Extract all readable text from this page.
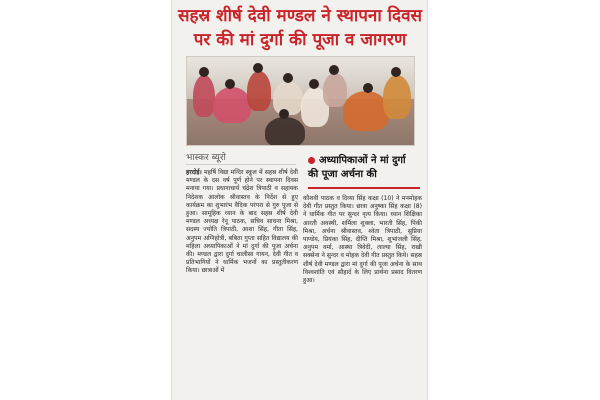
सहस्र शीर्ष देवी मण्डल ने स्थापना दिवस
पर की मां दुर्गा की पूजा व जागरण
भास्कर ब्यूरो	अध्यापिकाओं ने मां दुर्गा
की पूजा अर्चना की
हरदोई। महर्षि विद्या मन्दिर स्कूल में सहस्र शीर्ष देवी मण्डल के दस वर्ष पूर्ण होने पर स्थापना दिवस मनाया गया। प्रधानाचार्य चंद्रेश त्रिपाठी व सहायक निदेशक आलोक श्रीवास्तव के निर्देश से हुए कार्यक्रम का शुभारंभ वैदिक परंपरा से गुरु पूजा से हुआ। सामूहिक ध्यान के बाद सहस्र शीर्ष देवी मण्डल अध्यक्ष रेनू पाठक, सचिव साधना मिश्रा, सदस्य ज्योति त्रिपाठी, आशा सिंह, गीता सिंह, अनुपम अग्निहोत्री, बबिता गुप्ता सहित विद्यालय की महिला अध्यापिकाओं ने मां दुर्गा की पूजा अर्चना की। मण्डल द्वारा दुर्गा चालीसा गायन, देवी गीत व प्रतिभागियों ने धार्मिक भजनों का प्रस्तुतीकरण किया। छात्राओं में
कौशवी पाठक व दिव्या सिंह कक्षा (10) ने मनमोहक देवी गीत प्रस्तुत किया। छात्रा अनुष्का सिंह कक्षा (8) ने धार्मिक गीत पर सुन्दर नृत्य किया। ध्यान शिक्षिका आरती अवस्थी, शर्मिला शुक्ला, भारती सिंह, पिंकी मिश्रा, अर्चना श्रीवास्तव, श्वेता त्रिपाठी, सुप्रिया पाण्डेय, प्रियंका सिंह, दीप्ति मिश्रा, शुभांजली सिंह, अनुपम वर्मा, आस्था त्रिवेदी, लाल्या सिंह, राखी सक्सेना ने सुन्दर व मोहक देवी गीत प्रस्तुत किये। सहस्र शीर्ष देवी मण्डल द्वारा मां दुर्गा की पूजा अर्चना के साथ विश्वशांति एवं सौहार्द के लिए प्रार्थना प्रसाद वितरण हुआ।
